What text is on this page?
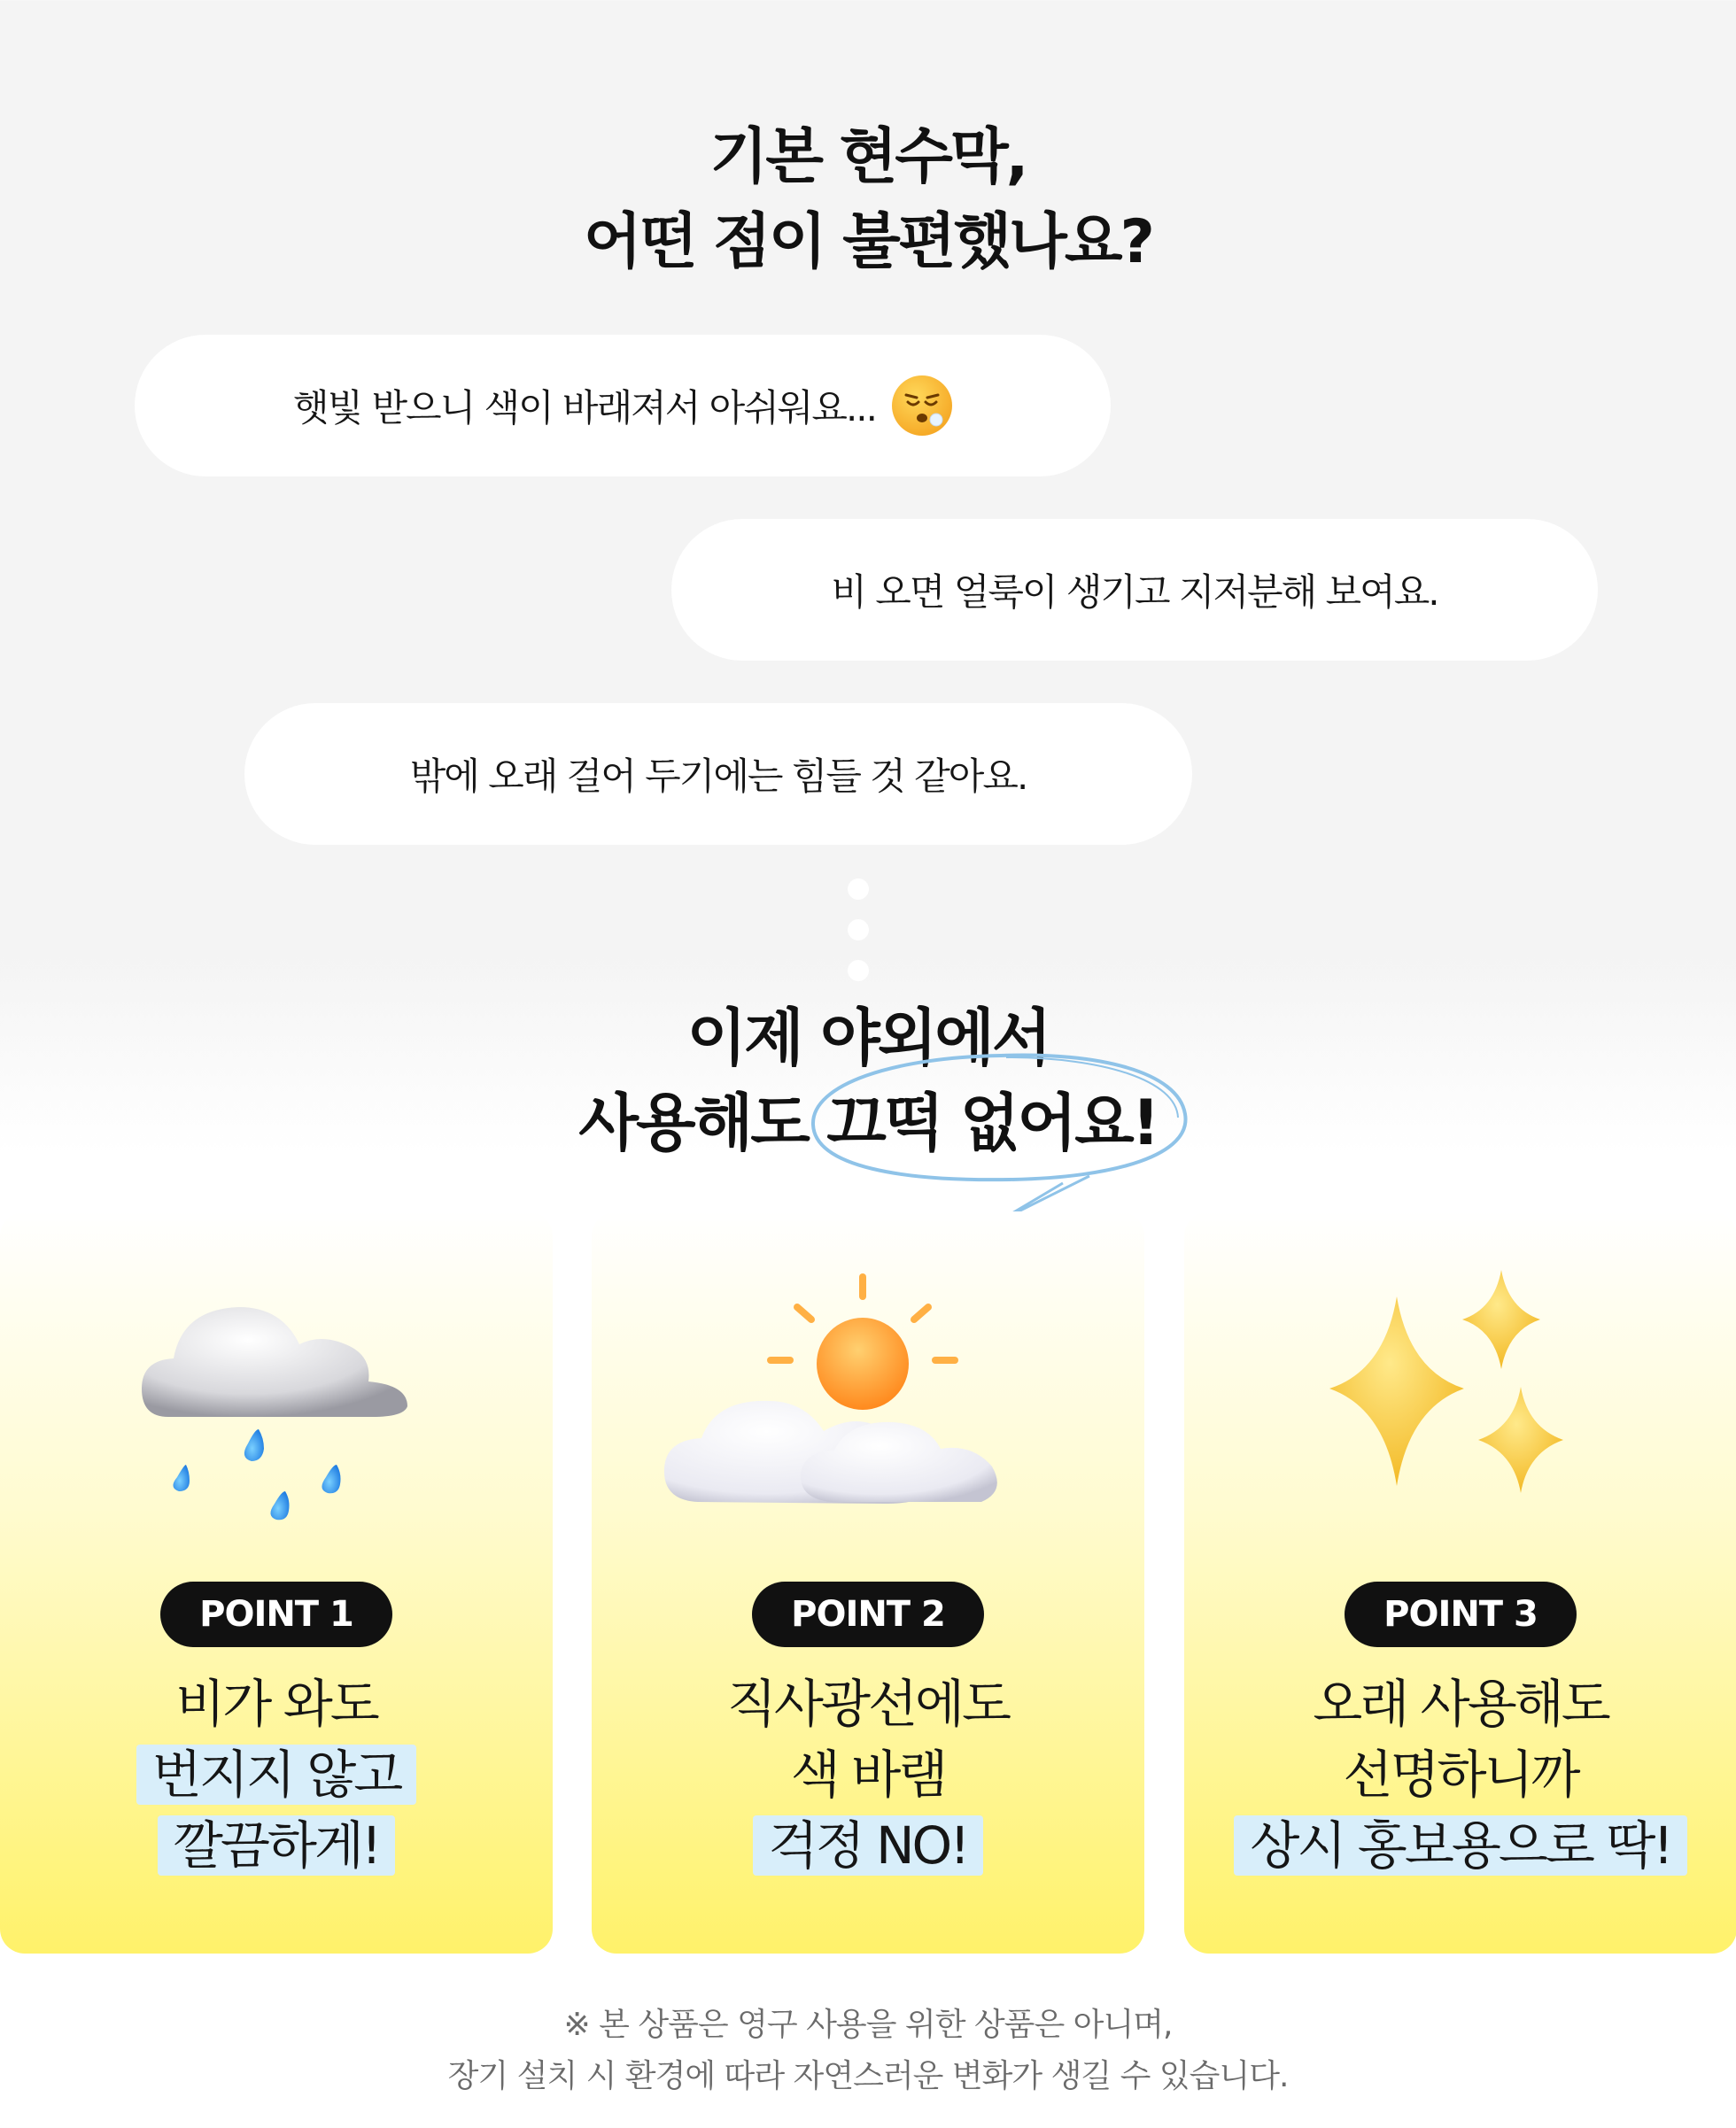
기본 현수막,
어떤 점이 불편했나요?
햇빛 받으니 색이 바래져서 아쉬워요...
비 오면 얼룩이 생기고 지저분해 보여요.
밖에 오래 걸어 두기에는 힘들 것 같아요.
이제 야외에서
사용해도 끄떡 없어요!
POINT 1
비가 와도
번지지 않고
깔끔하게!
POINT 2
직사광선에도
색 바램
걱정 NO!
POINT 3
오래 사용해도
선명하니까
상시 홍보용으로 딱!
※ 본 상품은 영구 사용을 위한 상품은 아니며,
장기 설치 시 환경에 따라 자연스러운 변화가 생길 수 있습니다.
